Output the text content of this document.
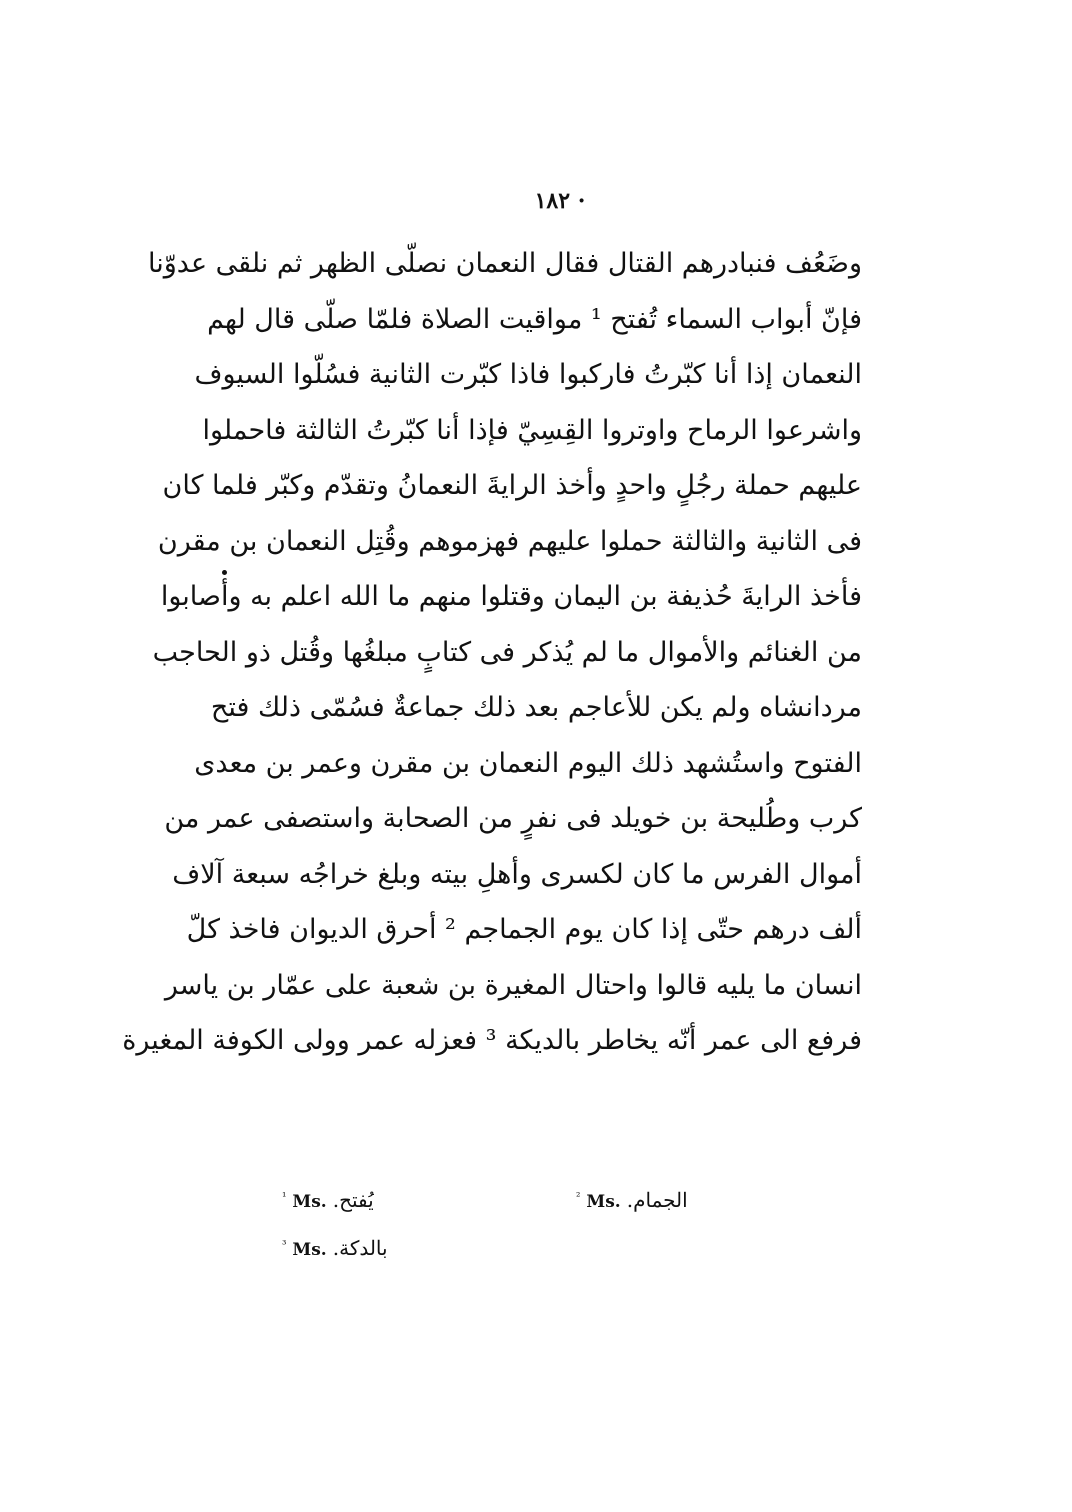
· ١٨٢
وضَعُف فنبادرهم القتال فقال النعمان نصلّى الظهر ثم نلقى عدوّنا
فإنّ أبواب السماء تُفتح ¹ مواقيت الصلاة فلمّا صلّى قال لهم
النعمان إذا أنا كبّرتُ فاركبوا فاذا كبّرت الثانية فسُلّوا السيوف
واشرعوا الرماح واوتروا القِسِيّ فإذا أنا كبّرتُ الثالثة فاحملوا
عليهم حملة رجُلٍ واحدٍ وأخذ الرايةَ النعمانُ وتقدّم وكبّر فلما كان
فى الثانية والثالثة حملوا عليهم فهزموهم وقُتِل النعمان بن مقرن
فأخذ الرايةَ حُذيفة بن اليمان وقتلوا منهم ما الله اعلم به وأصابوا
من الغنائم والأموال ما لم يُذكر فى كتابٍ مبلغُها وقُتل ذو الحاجب
مردانشاه ولم يكن للأعاجم بعد ذلك جماعةٌ فسُمّى ذلك فتح
الفتوح واستُشهد ذلك اليوم النعمان بن مقرن وعمر بن معدى
كرب وطُليحة بن خويلد فى نفرٍ من الصحابة واستصفى عمر من
أموال الفرس ما كان لكسرى وأهلِ بيته وبلغ خراجُه سبعة آلاف
ألف درهم حتّى إذا كان يوم الجماجم ² أحرق الديوان فاخذ كلّ
انسان ما يليه قالوا واحتال المغيرة بن شعبة على عمّار بن ياسر
فرفع الى عمر أنّه يخاطر بالديكة ³ فعزله عمر وولى الكوفة المغيرة
$^{^1}$ Ms. يُفتح.	$^{^2}$ Ms. الجمام.
$^{^3}$ Ms. بالدكة.
